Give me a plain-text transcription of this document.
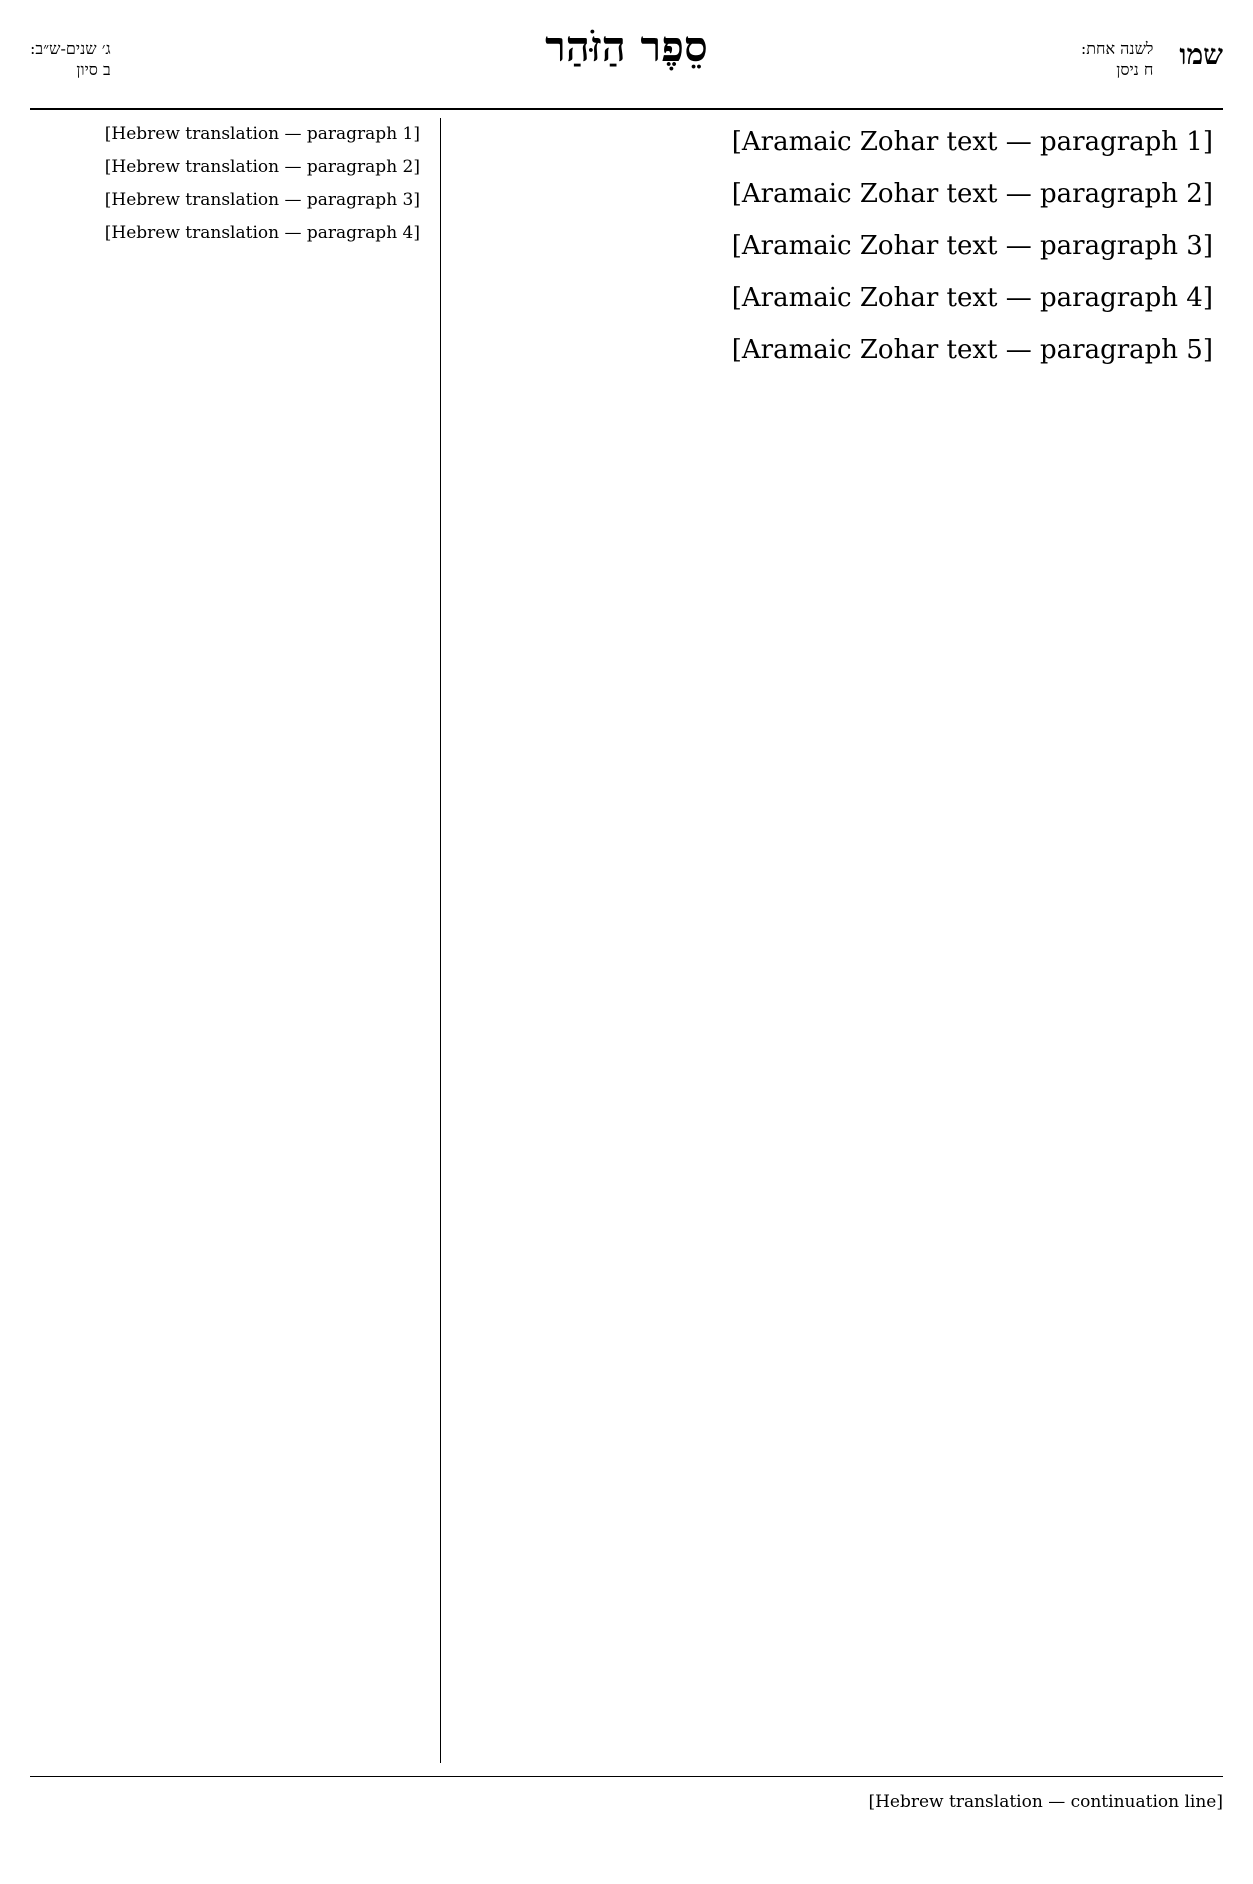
שמו
לשנה אחת:
ח ניסן
סֵפֶר הַזֹּהַר
ג׳ שנים-ש״ב:
ב סיון

[Aramaic Zohar text — paragraph 1]

[Aramaic Zohar text — paragraph 2]

[Aramaic Zohar text — paragraph 3]

[Aramaic Zohar text — paragraph 4]

[Aramaic Zohar text — paragraph 5]

[Hebrew translation — paragraph 1]

[Hebrew translation — paragraph 2]

[Hebrew translation — paragraph 3]

[Hebrew translation — paragraph 4]

[Hebrew translation — continuation line]
